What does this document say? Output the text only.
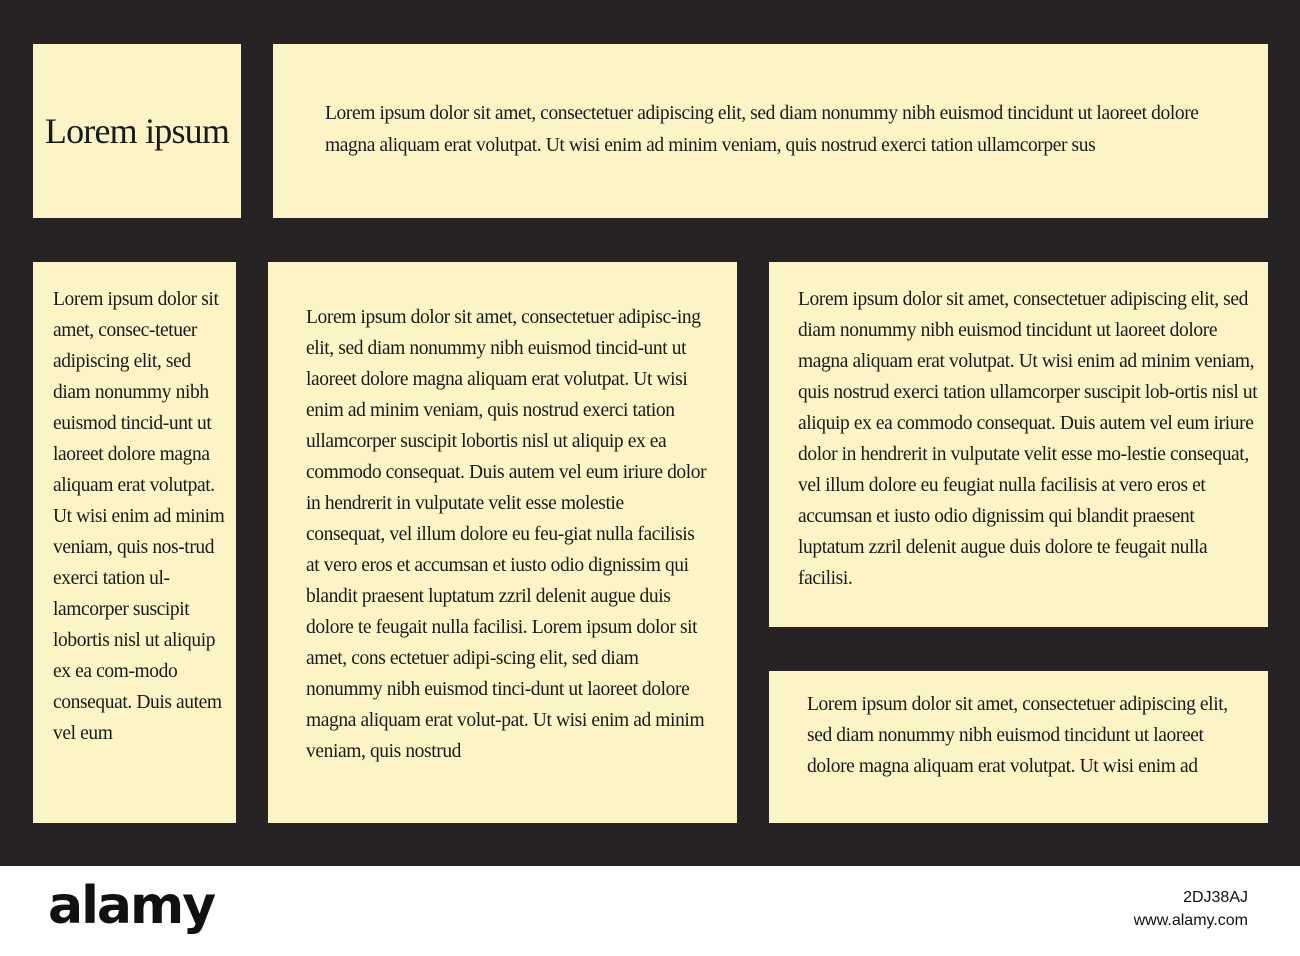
Lorem ipsum	Lorem ipsum dolor sit amet, consectetuer adipiscing elit, sed diam nonummy nibh euismod tincidunt ut laoreet dolore magna aliquam erat volutpat. Ut wisi enim ad minim veniam, quis nostrud exerci tation ullamcorper sus

Lorem ipsum dolor sit amet, consec-tetuer adipiscing elit, sed diam nonummy nibh euismod tincid-unt ut laoreet dolore magna aliquam erat volutpat. Ut wisi enim ad minim veniam, quis nos-trud exerci tation ul-lamcorper suscipit lobortis nisl ut aliquip ex ea com-modo consequat. Duis autem vel eum

Lorem ipsum dolor sit amet, consectetuer adipisc-ing elit, sed diam nonummy nibh euismod tincid-unt ut laoreet dolore magna aliquam erat volutpat. Ut wisi enim ad minim veniam, quis nostrud exerci tation ullamcorper suscipit lobortis nisl ut aliquip ex ea commodo consequat. Duis autem vel eum iriure dolor in hendrerit in vulputate velit esse molestie consequat, vel illum dolore eu feu-giat nulla facilisis at vero eros et accumsan et iusto odio dignissim qui blandit praesent luptatum zzril delenit augue duis dolore te feugait nulla facilisi. Lorem ipsum dolor sit amet, cons ectetuer adipi-scing elit, sed diam nonummy nibh euismod tinci-dunt ut laoreet dolore magna aliquam erat volut-pat. Ut wisi enim ad minim veniam, quis nostrud

Lorem ipsum dolor sit amet, consectetuer adipiscing elit, sed diam nonummy nibh euismod tincidunt ut laoreet dolore magna aliquam erat volutpat. Ut wisi enim ad minim veniam, quis nostrud exerci tation ullamcorper suscipit lob-ortis nisl ut aliquip ex ea commodo consequat. Duis autem vel eum iriure dolor in hendrerit in vulputate velit esse mo-lestie consequat, vel illum dolore eu feugiat nulla facilisis at vero eros et accumsan et iusto odio dignissim qui blandit praesent luptatum zzril delenit augue duis dolore te feugait nulla facilisi.

Lorem ipsum dolor sit amet, consectetuer adipiscing elit, sed diam nonummy nibh euismod tincidunt ut laoreet dolore magna aliquam erat volutpat. Ut wisi enim ad

alamy	2DJ38AJ
www.alamy.com
